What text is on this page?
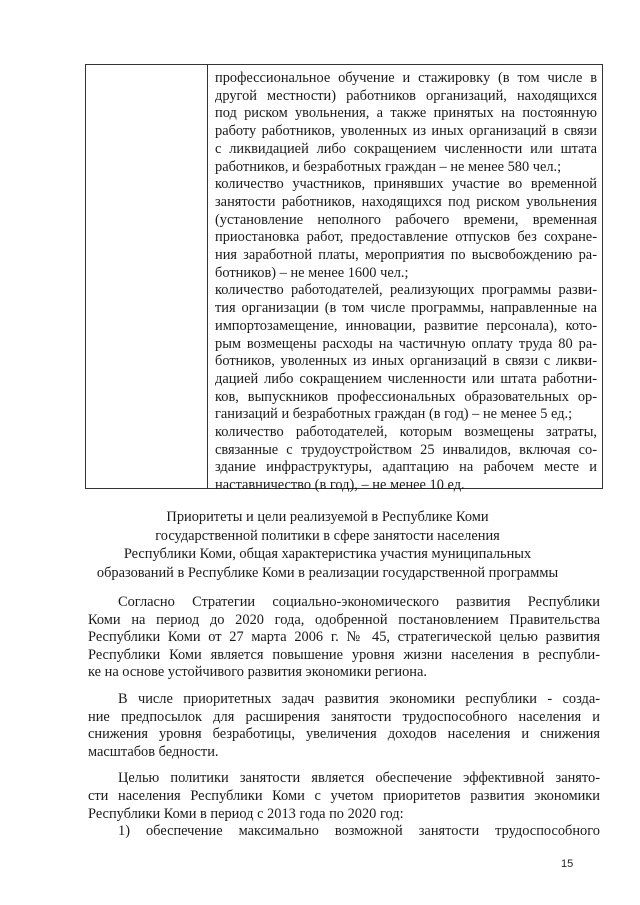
профессиональное обучение и стажировку (в том числе в
другой местности) работников организаций, находящихся
под риском увольнения, а также принятых на постоянную
работу работников, уволенных из иных организаций в связи
с ликвидацией либо сокращением численности или штата
работников, и безработных граждан – не менее 580 чел.;
количество участников, принявших участие во временной
занятости работников, находящихся под риском увольнения
(установление неполного рабочего времени, временная
приостановка работ, предоставление отпусков без сохране-
ния заработной платы, мероприятия по высвобождению ра-
ботников) – не менее 1600 чел.;
количество работодателей, реализующих программы разви-
тия организации (в том числе программы, направленные на
импортозамещение, инновации, развитие персонала), кото-
рым возмещены расходы на частичную оплату труда 80 ра-
ботников, уволенных из иных организаций в связи с ликви-
дацией либо сокращением численности или штата работни-
ков, выпускников профессиональных образовательных ор-
ганизаций и безработных граждан (в год) – не менее 5 ед.;
количество работодателей, которым возмещены затраты,
связанные с трудоустройством 25 инвалидов, включая со-
здание инфраструктуры, адаптацию на рабочем месте и
наставничество (в год), – не менее 10 ед.
Приоритеты и цели реализуемой в Республике Коми
государственной политики в сфере занятости населения
Республики Коми, общая характеристика участия муниципальных
образований в Республике Коми в реализации государственной программы
Согласно Стратегии социально-экономического развития Республики
Коми на период до 2020 года, одобренной постановлением Правительства
Республики Коми от 27 марта 2006 г. № 45, стратегической целью развития
Республики Коми является повышение уровня жизни населения в республи-
ке на основе устойчивого развития экономики региона.
В числе приоритетных задач развития экономики республики - созда-
ние предпосылок для расширения занятости трудоспособного населения и
снижения уровня безработицы, увеличения доходов населения и снижения
масштабов бедности.
Целью политики занятости является обеспечение эффективной занято-
сти населения Республики Коми с учетом приоритетов развития экономики
Республики Коми в период с 2013 года по 2020 год:
1) обеспечение максимально возможной занятости трудоспособного
15
